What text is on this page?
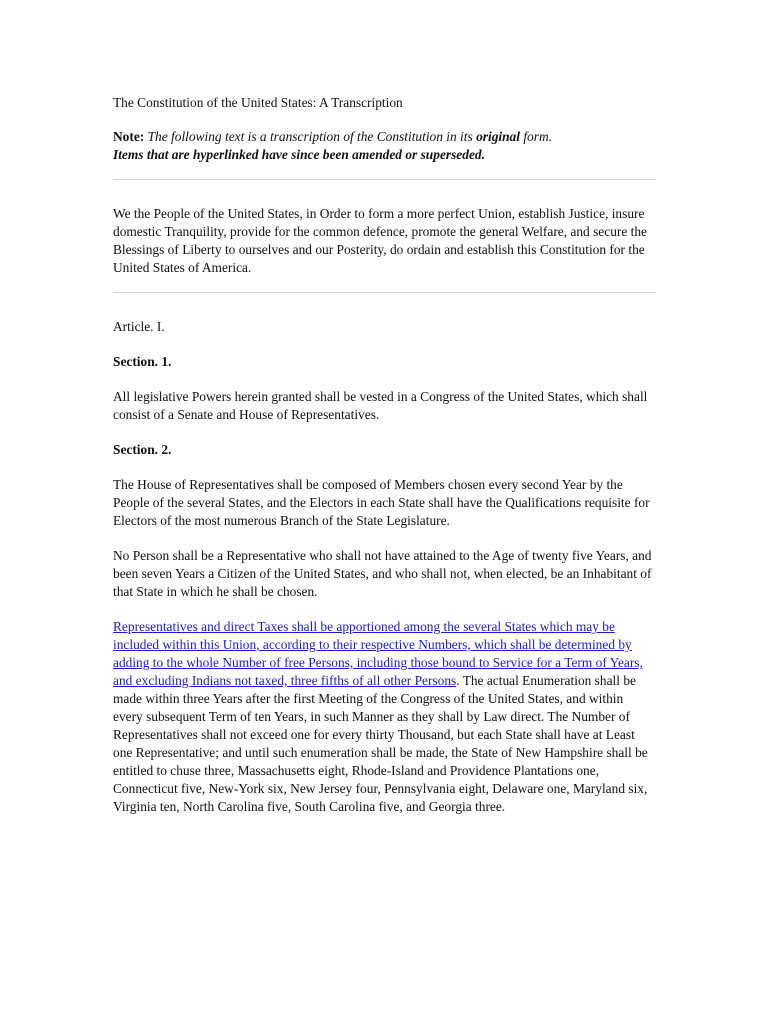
The Constitution of the United States: A Transcription

Note: The following text is a transcription of the Constitution in its original form.

Items that are hyperlinked have since been amended or superseded.

We the People of the United States, in Order to form a more perfect Union, establish Justice, insure domestic Tranquility, provide for the common defence, promote the general Welfare, and secure the Blessings of Liberty to ourselves and our Posterity, do ordain and establish this Constitution for the United States of America.

Article. I.

Section. 1.

All legislative Powers herein granted shall be vested in a Congress of the United States, which shall consist of a Senate and House of Representatives.

Section. 2.

The House of Representatives shall be composed of Members chosen every second Year by the People of the several States, and the Electors in each State shall have the Qualifications requisite for Electors of the most numerous Branch of the State Legislature.

No Person shall be a Representative who shall not have attained to the Age of twenty five Years, and been seven Years a Citizen of the United States, and who shall not, when elected, be an Inhabitant of that State in which he shall be chosen.

Representatives and direct Taxes shall be apportioned among the several States which may be included within this Union, according to their respective Numbers, which shall be determined by adding to the whole Number of free Persons, including those bound to Service for a Term of Years, and excluding Indians not taxed, three fifths of all other Persons. The actual Enumeration shall be made within three Years after the first Meeting of the Congress of the United States, and within every subsequent Term of ten Years, in such Manner as they shall by Law direct. The Number of Representatives shall not exceed one for every thirty Thousand, but each State shall have at Least one Representative; and until such enumeration shall be made, the State of New Hampshire shall be entitled to chuse three, Massachusetts eight, Rhode-Island and Providence Plantations one, Connecticut five, New-York six, New Jersey four, Pennsylvania eight, Delaware one, Maryland six, Virginia ten, North Carolina five, South Carolina five, and Georgia three.
